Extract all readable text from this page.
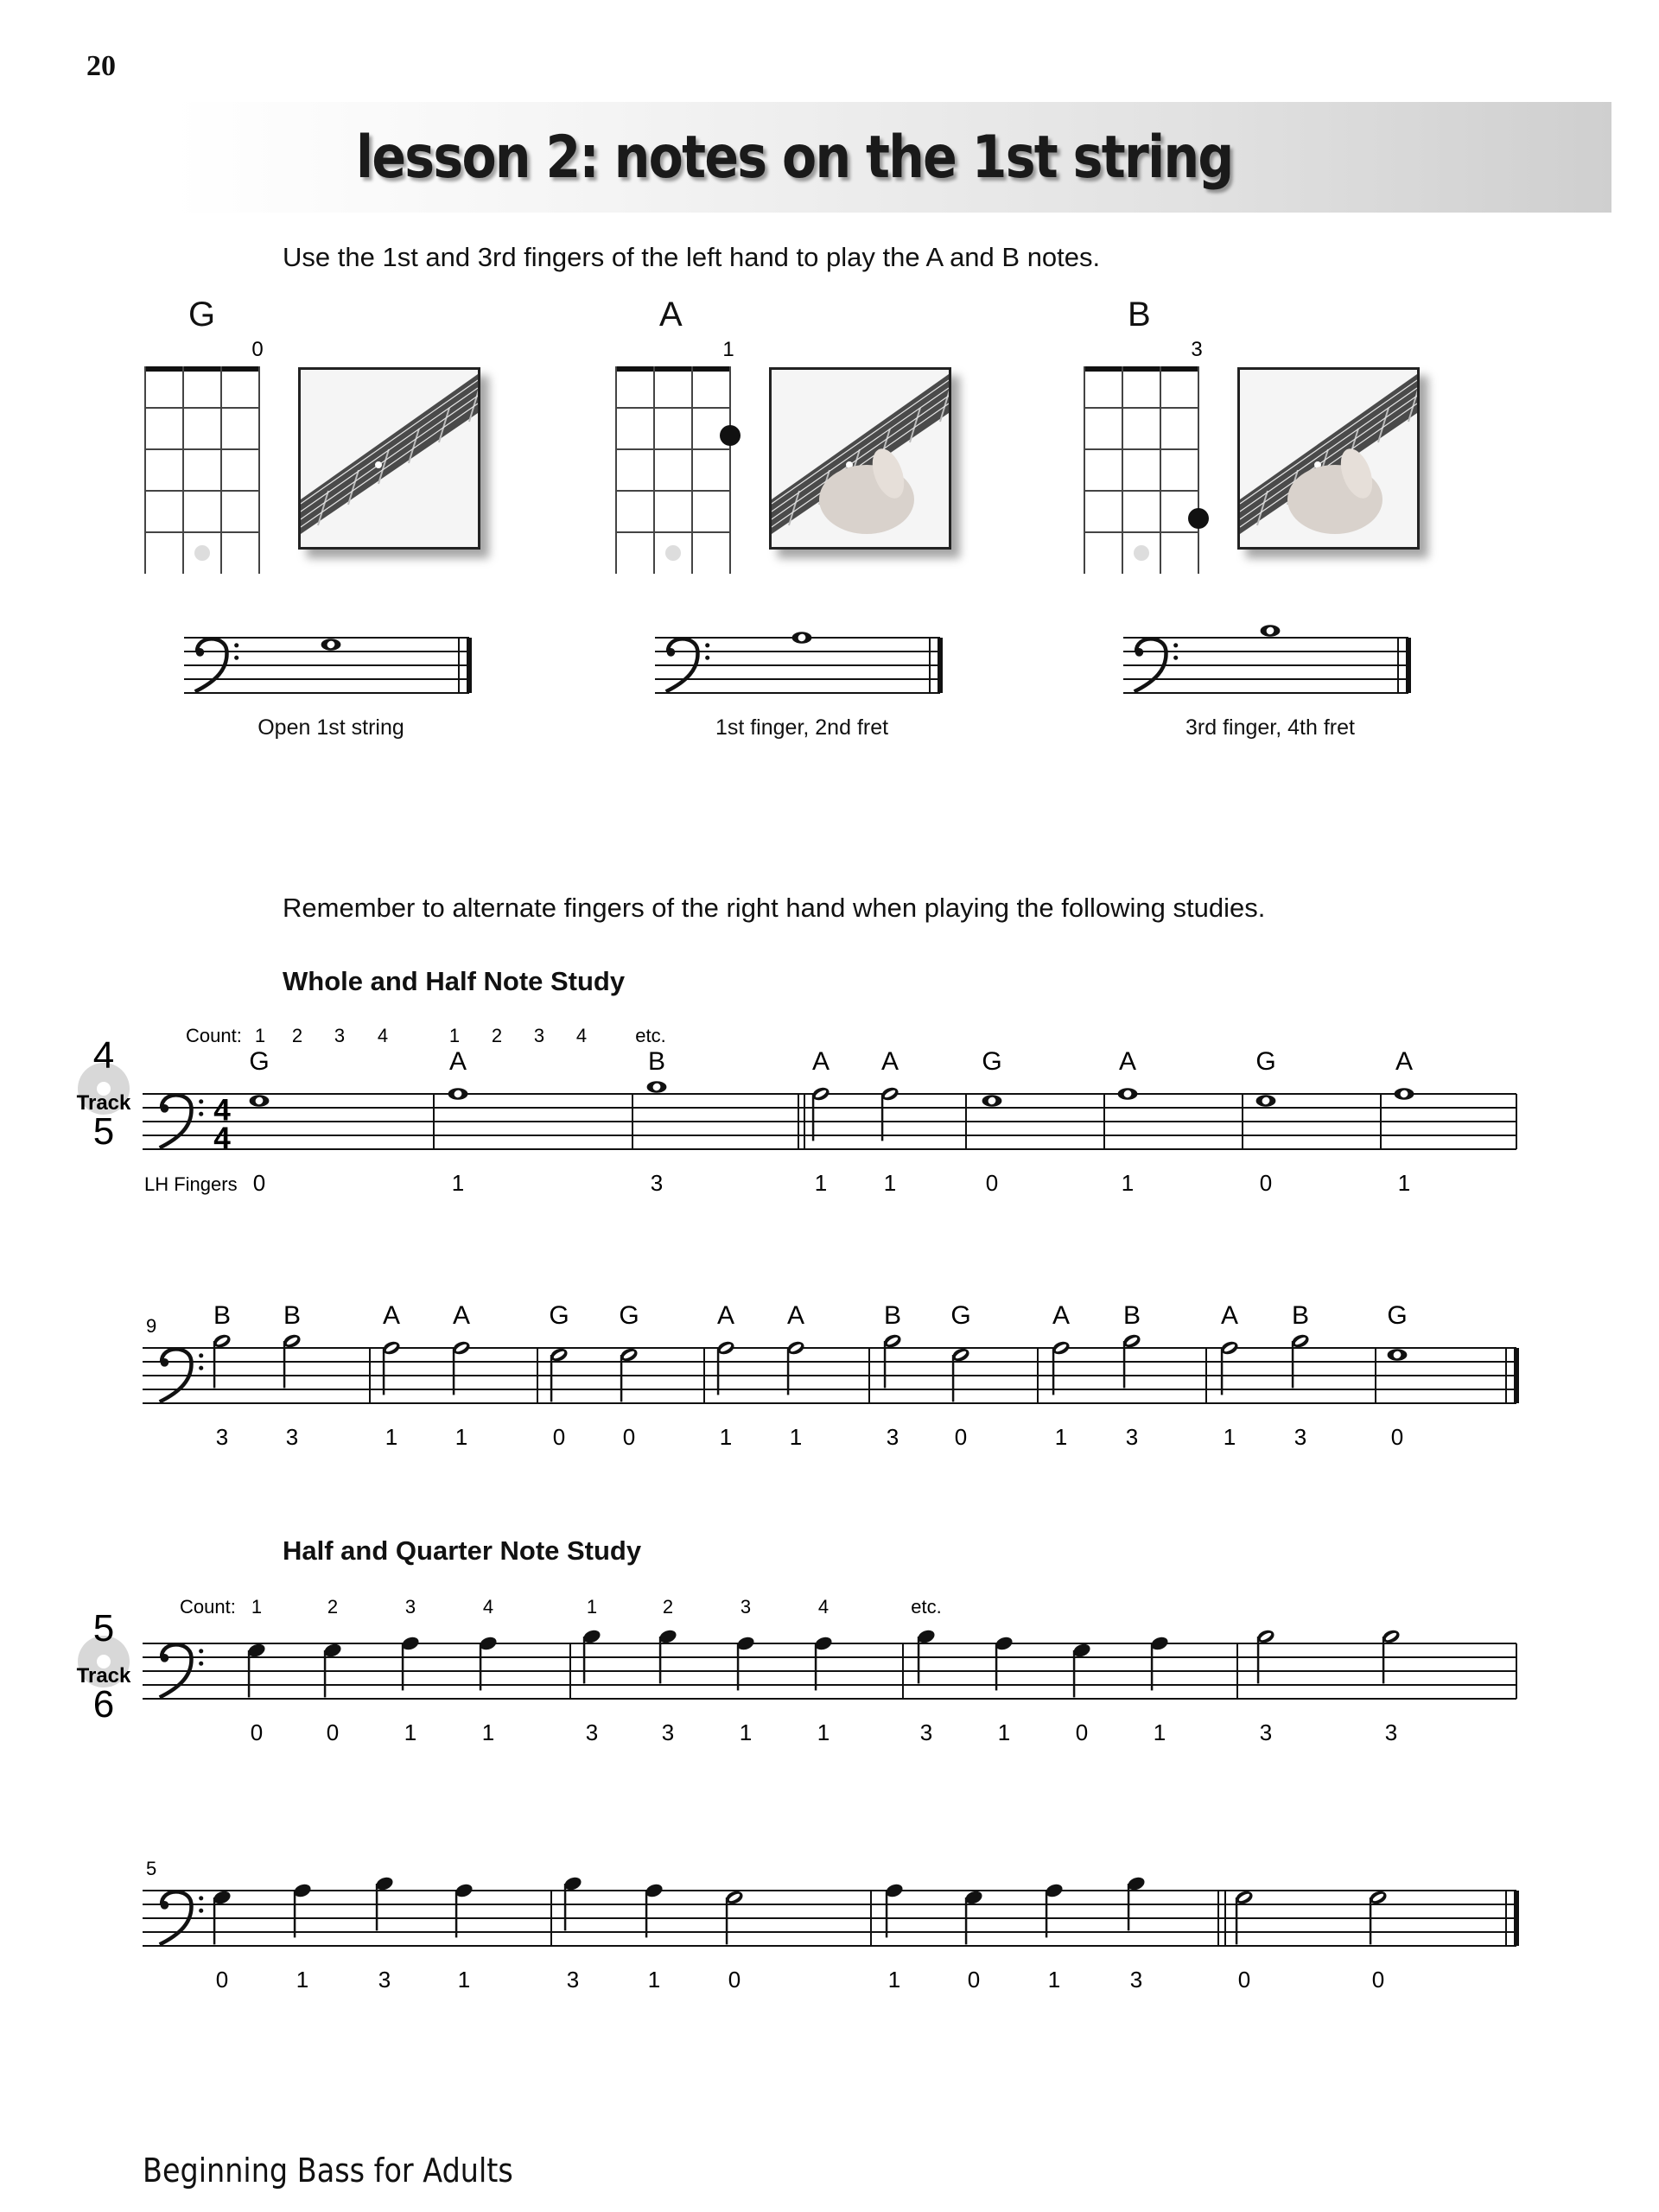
20
lesson 2: notes on the 1st string
Use the 1st and 3rd fingers of the left hand to play the A and B notes.
G
0
Open 1st string
A
1
1st finger, 2nd fret
B
3
3rd finger, 4th fret
Remember to alternate fingers of the right hand when playing the following studies.
Whole and Half Note Study
Half and Quarter Note Study
Count: 1 2 3 4	1 2 3 4	etc.
4
Track
5
4
4
G
0
A
1
B
3
A
1
A
1
G
0
A
1
G
0
A
1
LH Fingers
9 B
3
B
3
A
1
A
1
G
0
G
0
A
1
A
1
B
3
G
0
A
1
B
3
A
1
B
3
G
0
Count: 1	2	3	4	1	2	3	4	etc.
5
Track
6
0	0	1	1	3	3	1	1	3	1	0	1	3	3
5
0	1	3	1	3	1	0	1	0	1	3	0	0
Beginning Bass for Adults
